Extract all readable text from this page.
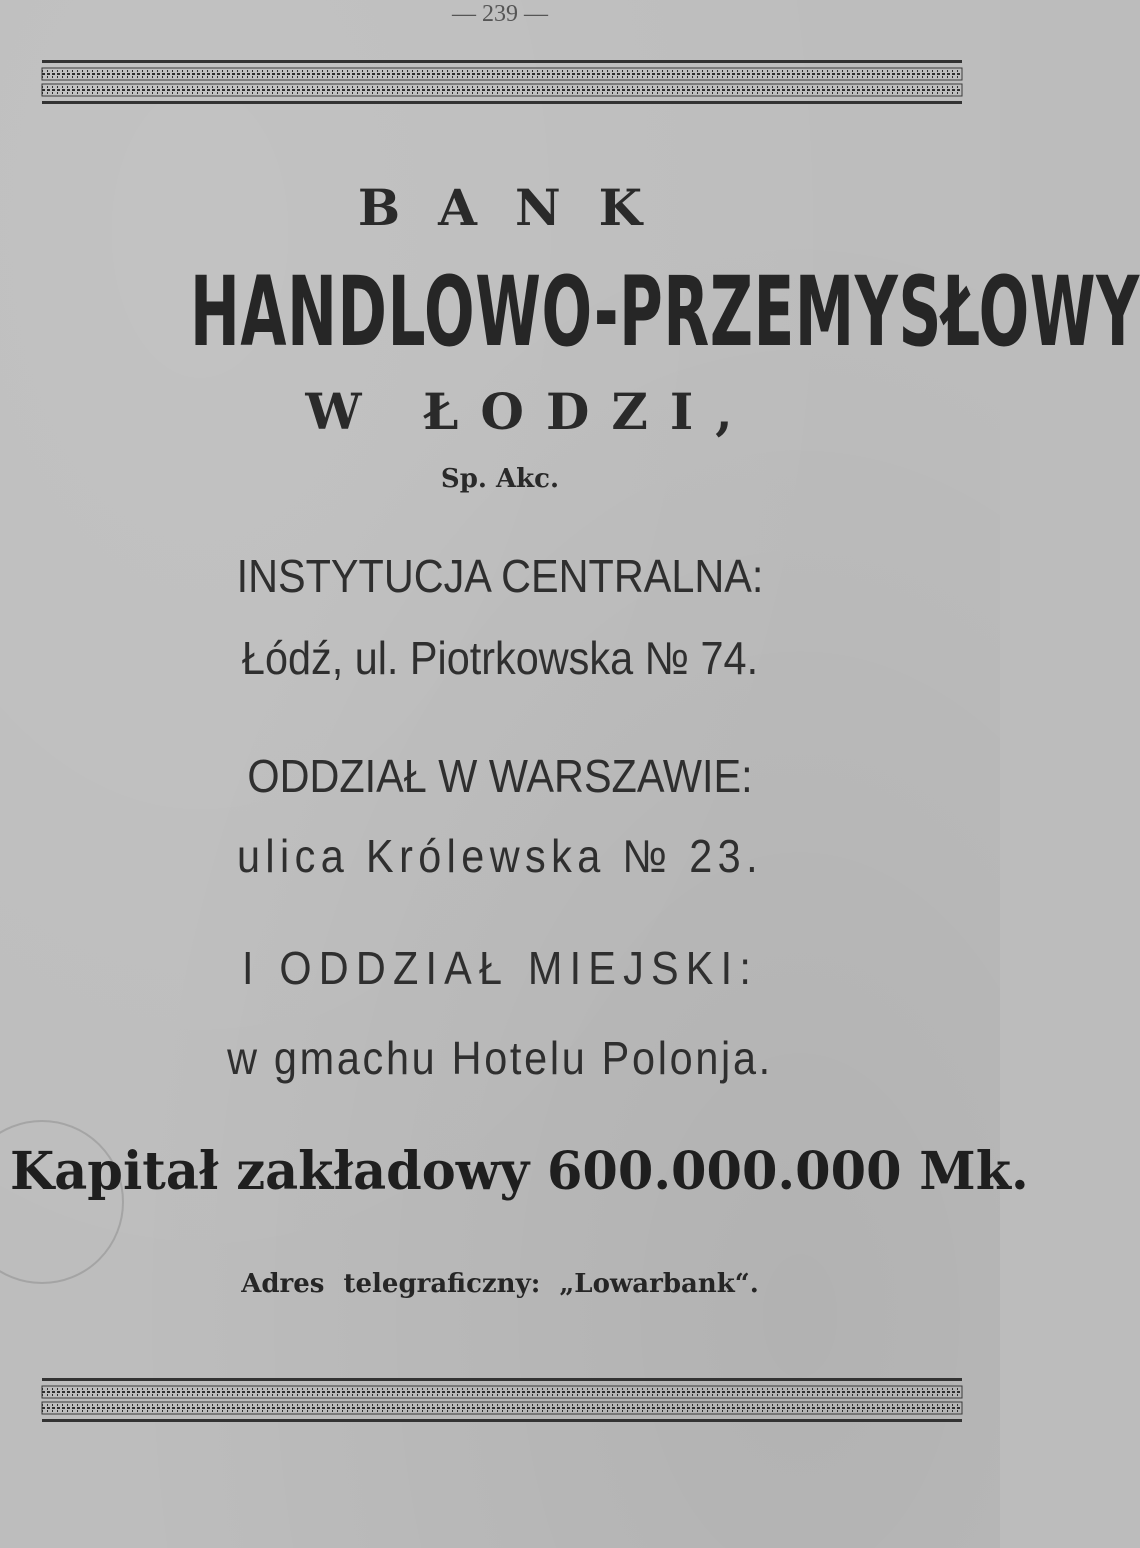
— 239 —
BANK
HANDLOWO-PRZEMYSŁOWY
W ŁODZI,
Sp. Akc.
INSTYTUCJA CENTRALNA:
Łódź, ul. Piotrkowska № 74.
ODDZIAŁ W WARSZAWIE:
ulica Królewska № 23.
I ODDZIAŁ MIEJSKI:
w gmachu Hotelu Polonja.
Kapitał zakładowy 600.000.000 Mk.
Adres telegraficzny: „Lowarbank“.
